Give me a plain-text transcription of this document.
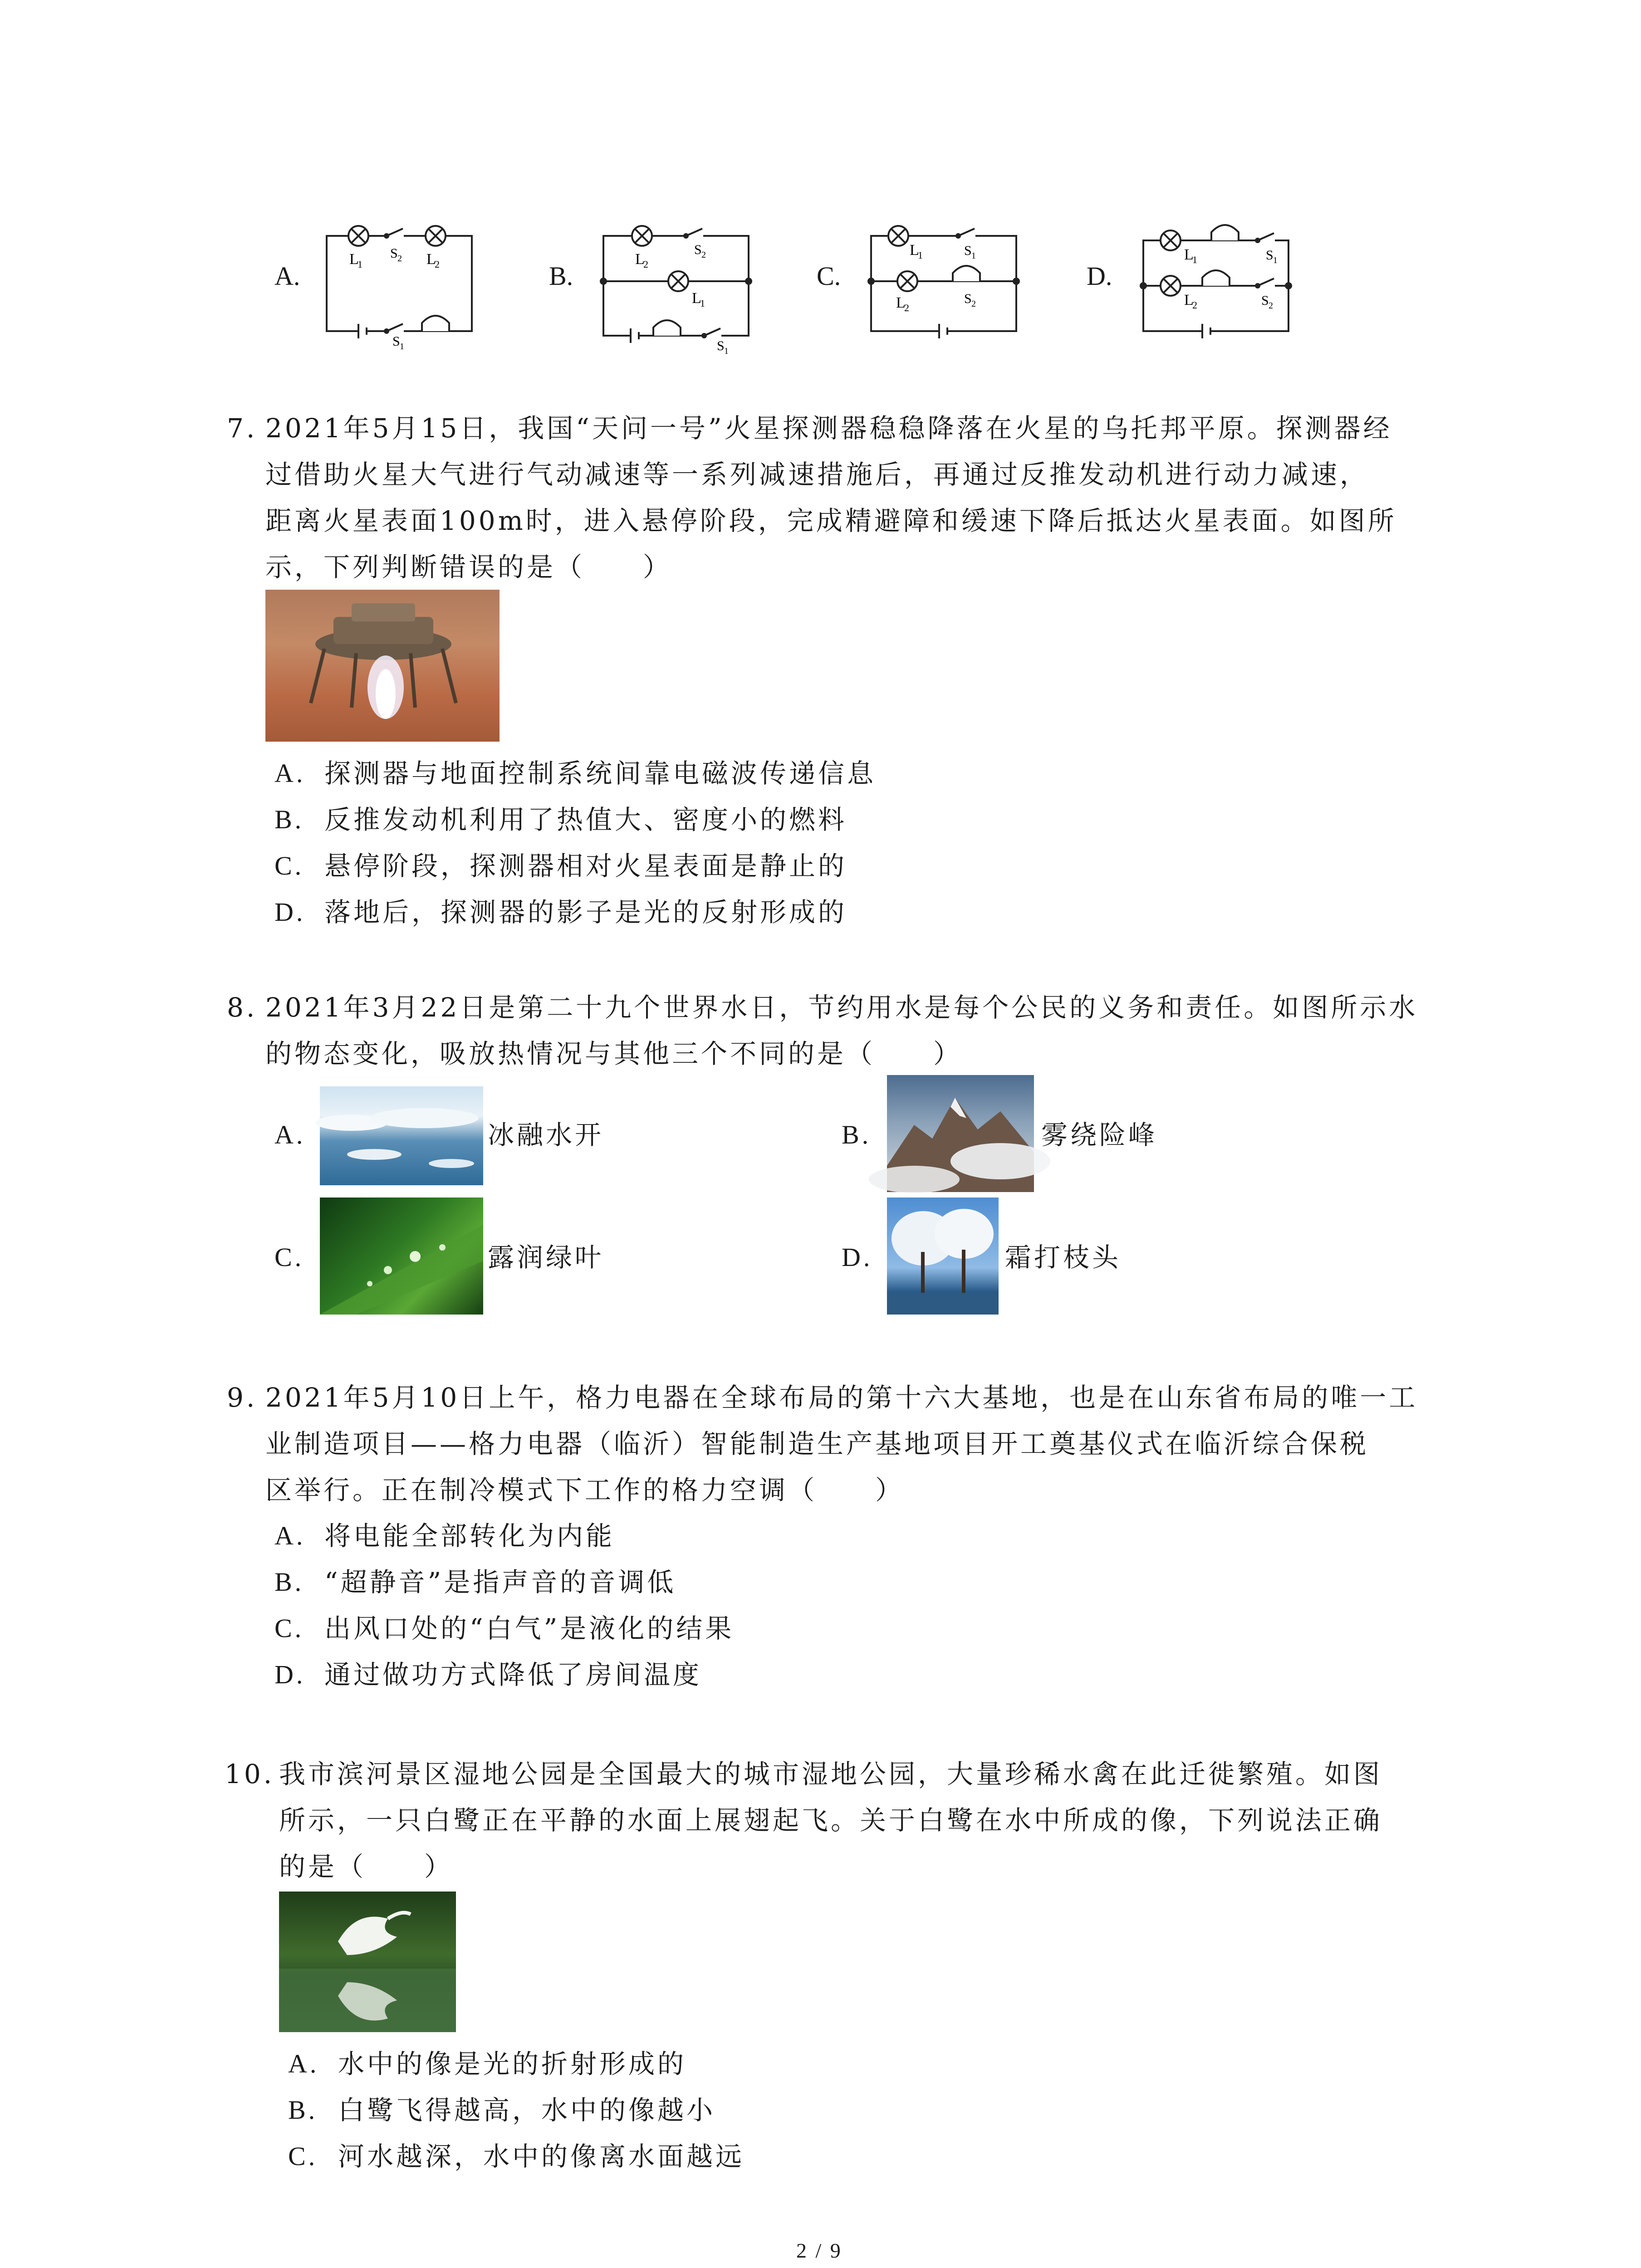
A.
L
1
S 2 L
2
S 1
B.
L
2
S 2
L
1
S 1
C.
L
1	S 1
L
2
S 2
D.
L
1	S 1
L
2	S 2
7. 2021年5月15日，我国“天问一号”火星探测器稳稳降落在火星的乌托邦平原。探测器经
过借助火星大气进行气动减速等一系列减速措施后，再通过反推发动机进行动力减速，
距离火星表面100m时，进入悬停阶段，完成精避障和缓速下降后抵达火星表面。如图所
示，下列判断错误的是（　　）
A. 探测器与地面控制系统间靠电磁波传递信息
B. 反推发动机利用了热值大、密度小的燃料
C. 悬停阶段，探测器相对火星表面是静止的
D. 落地后，探测器的影子是光的反射形成的
8. 2021年3月22日是第二十九个世界水日，节约用水是每个公民的义务和责任。如图所示水
的物态变化，吸放热情况与其他三个不同的是（　　）
A.	冰融水开	B.	雾绕险峰
C.	露润绿叶	D.	霜打枝头
9. 2021年5月10日上午，格力电器在全球布局的第十六大基地，也是在山东省布局的唯一工
业制造项目——格力电器（临沂）智能制造生产基地项目开工奠基仪式在临沂综合保税
区举行。正在制冷模式下工作的格力空调（　　）
A. 将电能全部转化为内能
B. “超静音”是指声音的音调低
C. 出风口处的“白气”是液化的结果
D. 通过做功方式降低了房间温度
10. 我市滨河景区湿地公园是全国最大的城市湿地公园，大量珍稀水禽在此迁徙繁殖。如图
所示，一只白鹭正在平静的水面上展翅起飞。关于白鹭在水中所成的像，下列说法正确
的是（　　）
A. 水中的像是光的折射形成的
B. 白鹭飞得越高，水中的像越小
C. 河水越深，水中的像离水面越远
2 / 9
